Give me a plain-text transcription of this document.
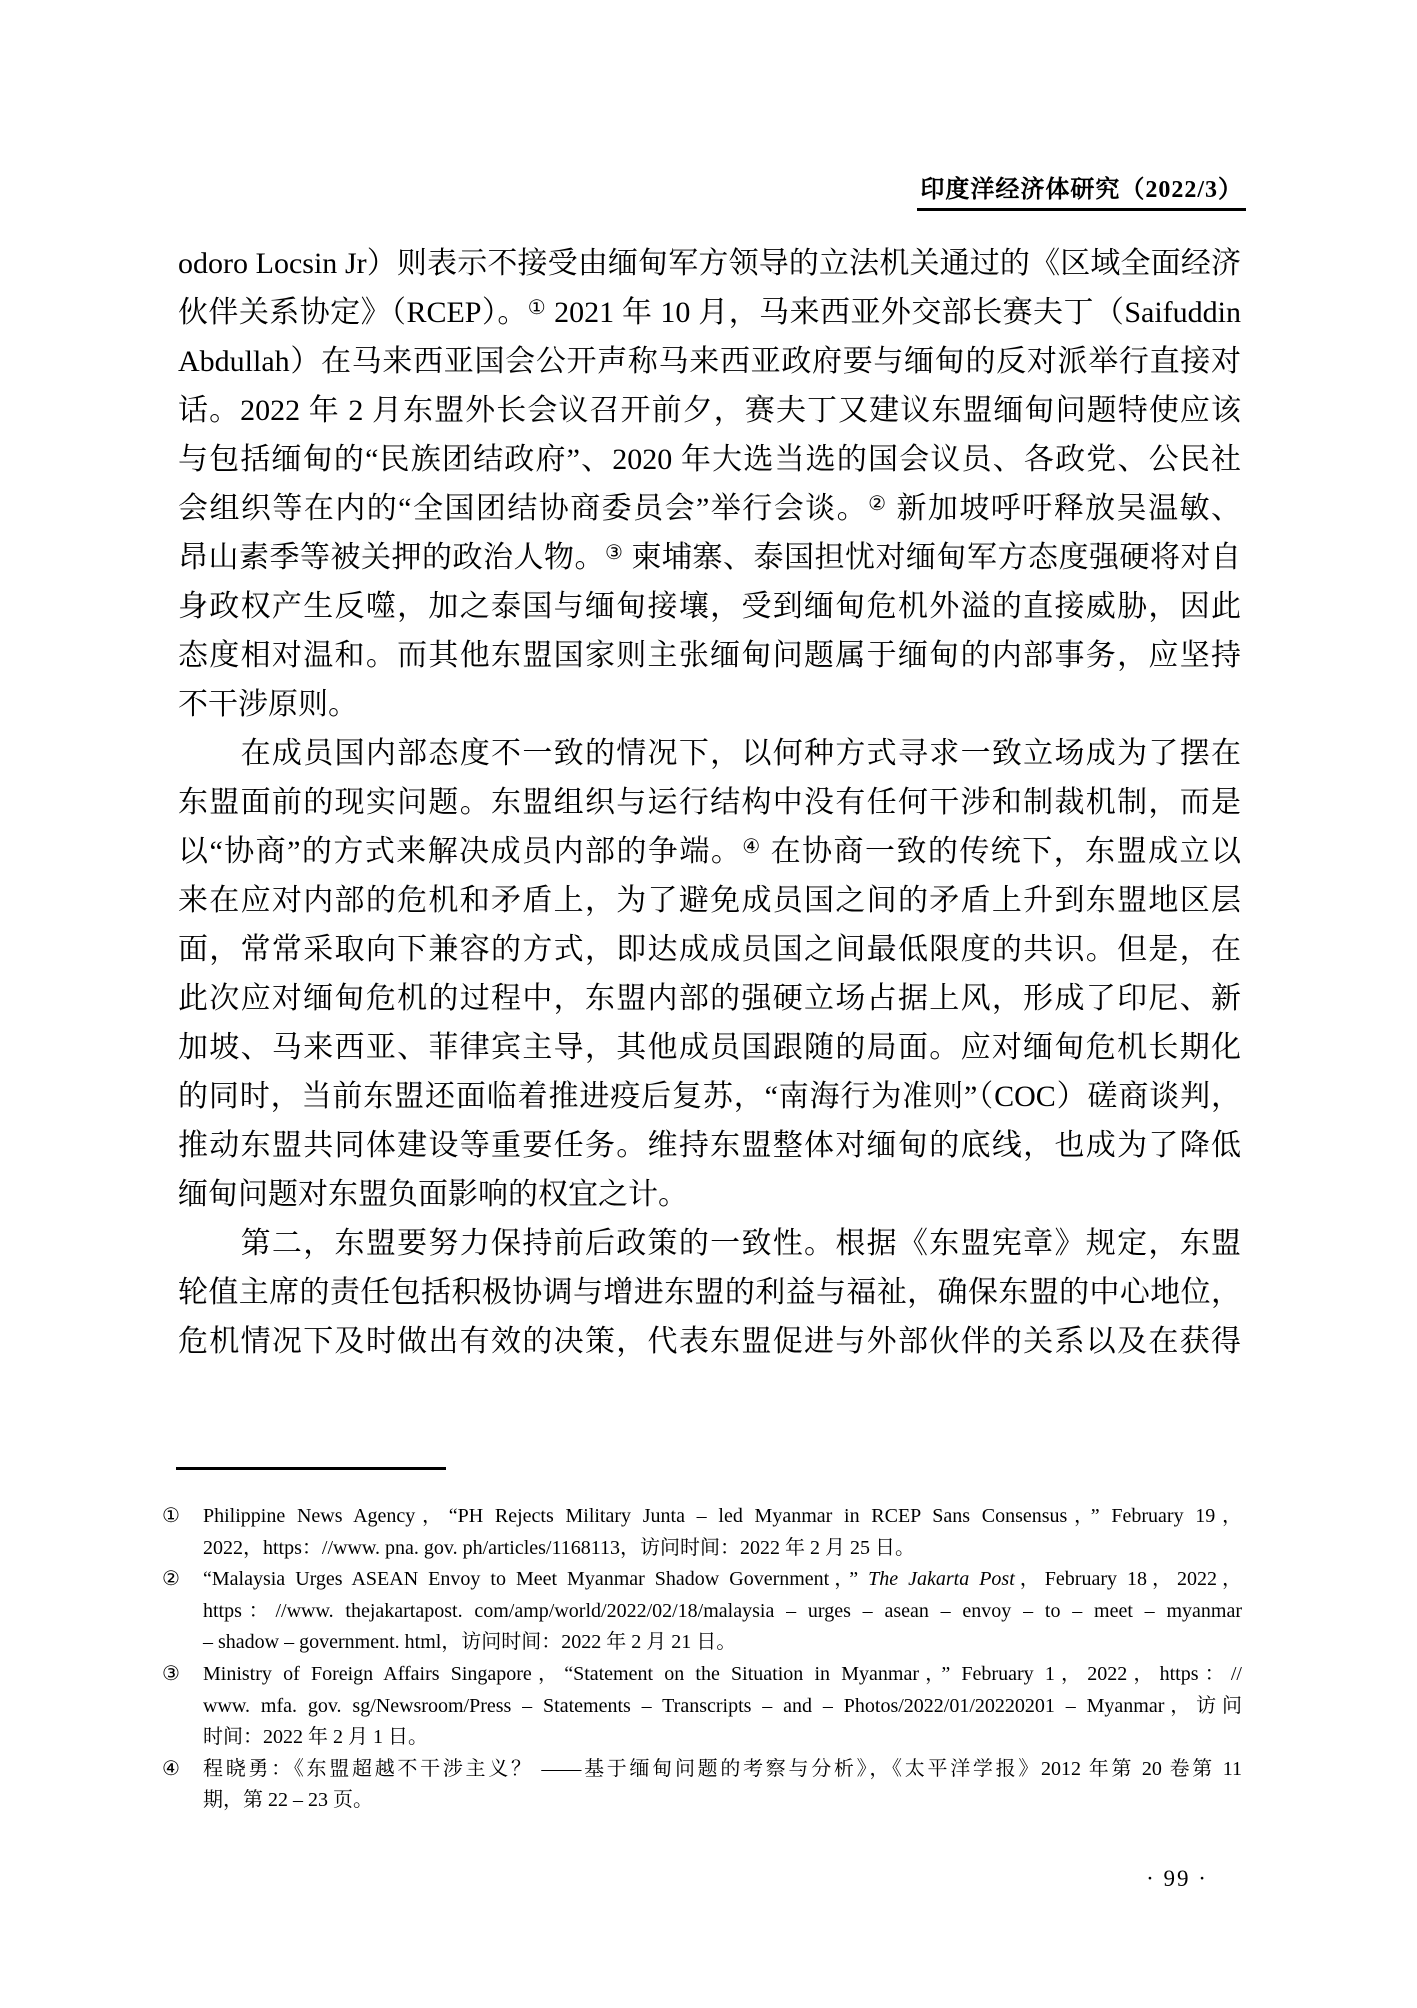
印度洋经济体研究（2022/3）
odoro Locsin Jr）则表示不接受由缅甸军方领导的立法机关通过的《区域全面经济
伙伴关系协定》（RCEP）。① 2021 年 10 月，马来西亚外交部长赛夫丁（Saifuddin
Abdullah）在马来西亚国会公开声称马来西亚政府要与缅甸的反对派举行直接对
话。2022 年 2 月东盟外长会议召开前夕，赛夫丁又建议东盟缅甸问题特使应该
与包括缅甸的“民族团结政府”、2020 年大选当选的国会议员、各政党、公民社
会组织等在内的“全国团结协商委员会”举行会谈。② 新加坡呼吁释放吴温敏、
昂山素季等被关押的政治人物。③ 柬埔寨、泰国担忧对缅甸军方态度强硬将对自
身政权产生反噬，加之泰国与缅甸接壤，受到缅甸危机外溢的直接威胁，因此
态度相对温和。而其他东盟国家则主张缅甸问题属于缅甸的内部事务，应坚持
不干涉原则。
　　在成员国内部态度不一致的情况下，以何种方式寻求一致立场成为了摆在
东盟面前的现实问题。东盟组织与运行结构中没有任何干涉和制裁机制，而是
以“协商”的方式来解决成员内部的争端。④ 在协商一致的传统下，东盟成立以
来在应对内部的危机和矛盾上，为了避免成员国之间的矛盾上升到东盟地区层
面，常常采取向下兼容的方式，即达成成员国之间最低限度的共识。但是，在
此次应对缅甸危机的过程中，东盟内部的强硬立场占据上风，形成了印尼、新
加坡、马来西亚、菲律宾主导，其他成员国跟随的局面。应对缅甸危机长期化
的同时，当前东盟还面临着推进疫后复苏，“南海行为准则”（COC）磋商谈判，
推动东盟共同体建设等重要任务。维持东盟整体对缅甸的底线，也成为了降低
缅甸问题对东盟负面影响的权宜之计。
　　第二，东盟要努力保持前后政策的一致性。根据《东盟宪章》规定，东盟
轮值主席的责任包括积极协调与增进东盟的利益与福祉，确保东盟的中心地位，
危机情况下及时做出有效的决策，代表东盟促进与外部伙伴的关系以及在获得
①	Philippine News Agency，“PH Rejects Military Junta – led Myanmar in RCEP Sans Consensus，” February 19，
2022，https：//www. pna. gov. ph/articles/1168113，访问时间：2022 年 2 月 25 日。
②	“Malaysia Urges ASEAN Envoy to Meet Myanmar Shadow Government，” The Jakarta Post，February 18，2022，
https：//www. thejakartapost. com/amp/world/2022/02/18/malaysia – urges – asean – envoy – to – meet – myanmar
– shadow – government. html，访问时间：2022 年 2 月 21 日。
③	Ministry of Foreign Affairs Singapore，“Statement on the Situation in Myanmar，” February 1，2022，https：//
www. mfa. gov. sg/Newsroom/Press – Statements – Transcripts – and – Photos/2022/01/20220201 – Myanmar，访问
时间：2022 年 2 月 1 日。
④	程晓勇：《东盟超越不干涉主义？ ——基于缅甸问题的考察与分析》，《太平洋学报》2012 年第 20 卷第 11
期，第 22 – 23 页。
· 99 ·
